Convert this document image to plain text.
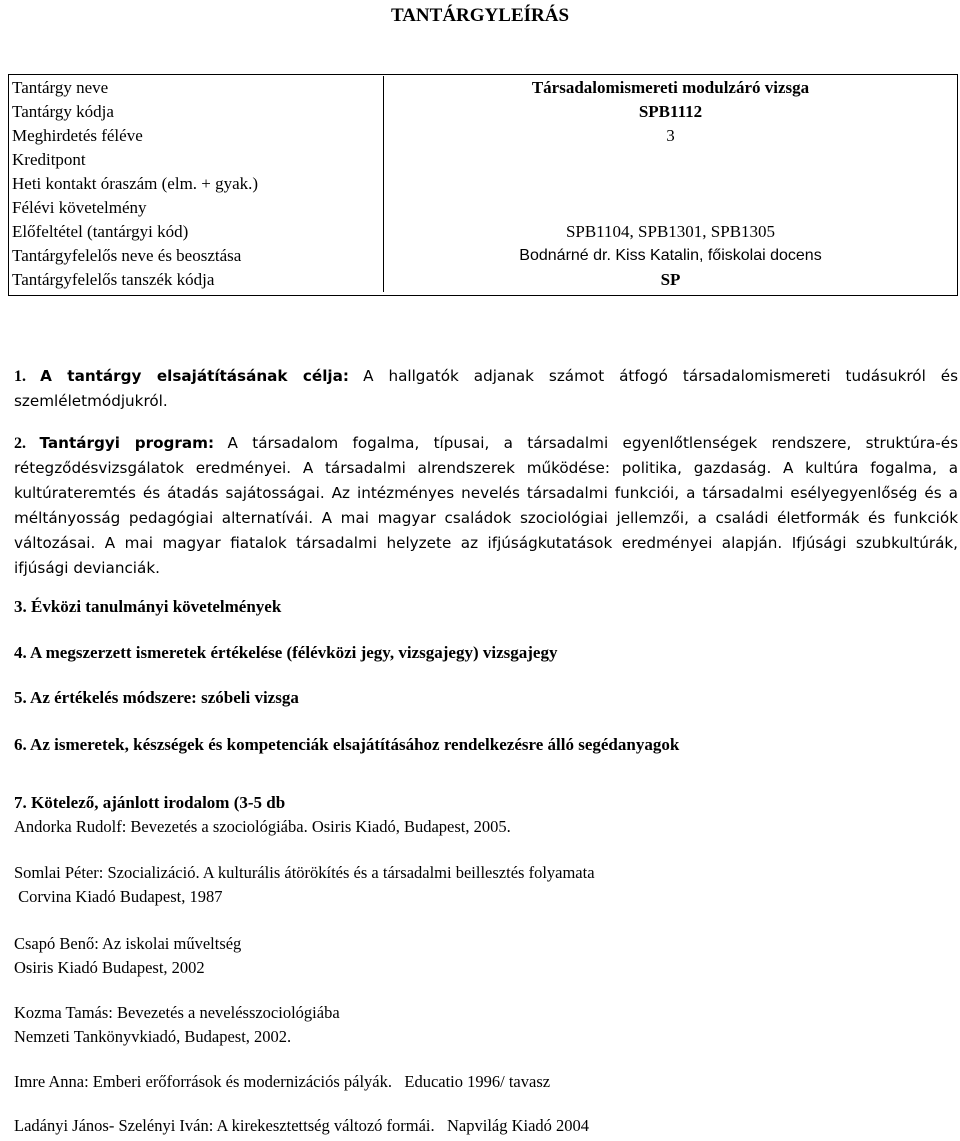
TANTÁRGYLEÍRÁS
Tantárgy neve	Társadalomismereti modulzáró vizsga
Tantárgy kódja	SPB1112
Meghirdetés féléve	3
Kreditpont
Heti kontakt óraszám (elm. + gyak.)
Félévi követelmény
Előfeltétel (tantárgyi kód)	SPB1104, SPB1301, SPB1305
Tantárgyfelelős neve és beosztása	Bodnárné dr. Kiss Katalin, főiskolai docens
Tantárgyfelelős tanszék kódja	SP
1. A tantárgy elsajátításának célja: A hallgatók adjanak számot átfogó társadalomismereti tudásukról és szemléletmódjukról.
2. Tantárgyi program: A társadalom fogalma, típusai, a társadalmi egyenlőtlenségek rendszere, struktúra-és rétegződésvizsgálatok eredményei. A társadalmi alrendszerek működése: politika, gazdaság. A kultúra fogalma, a kultúrateremtés és átadás sajátosságai. Az intézményes nevelés társadalmi funkciói, a társadalmi esélyegyenlőség és a méltányosság pedagógiai alternatívái. A mai magyar családok szociológiai jellemzői, a családi életformák és funkciók változásai. A mai magyar fiatalok társadalmi helyzete az ifjúságkutatások eredményei alapján. Ifjúsági szubkultúrák, ifjúsági devianciák.
3. Évközi tanulmányi követelmények
4. A megszerzett ismeretek értékelése (félévközi jegy, vizsgajegy) vizsgajegy
5. Az értékelés módszere: szóbeli vizsga
6. Az ismeretek, készségek és kompetenciák elsajátításához rendelkezésre álló segédanyagok
7. Kötelező, ajánlott irodalom (3-5 db
Andorka Rudolf: Bevezetés a szociológiába. Osiris Kiadó, Budapest, 2005.
Somlai Péter: Szocializáció. A kulturális átörökítés és a társadalmi beillesztés folyamata
Corvina Kiadó Budapest, 1987
Csapó Benő: Az iskolai műveltség
Osiris Kiadó Budapest, 2002
Kozma Tamás: Bevezetés a nevelésszociológiába
Nemzeti Tankönyvkiadó, Budapest, 2002.
Imre Anna: Emberi erőforrások és modernizációs pályák.   Educatio 1996/ tavasz
Ladányi János- Szelényi Iván: A kirekesztettség változó formái.   Napvilág Kiadó 2004
